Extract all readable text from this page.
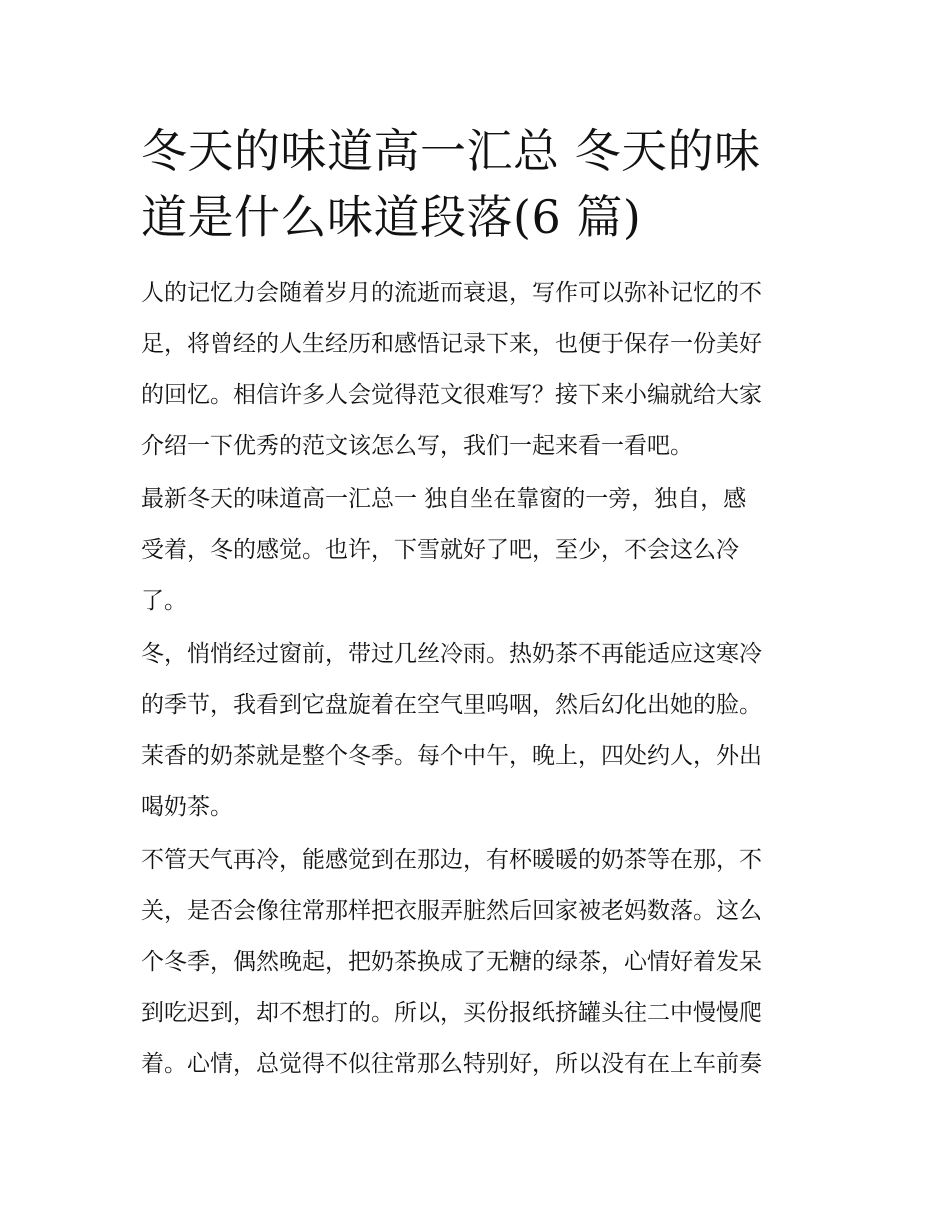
冬天的味道高一汇总 冬天的味
道是什么味道段落(6 篇)

人的记忆力会随着岁月的流逝而衰退，写作可以弥补记忆的不
足，将曾经的人生经历和感悟记录下来，也便于保存一份美好
的回忆。相信许多人会觉得范文很难写？接下来小编就给大家
介绍一下优秀的范文该怎么写，我们一起来看一看吧。

最新冬天的味道高一汇总一 独自坐在靠窗的一旁，独自，感
受着，冬的感觉。也许，下雪就好了吧，至少，不会这么冷
了。

冬，悄悄经过窗前，带过几丝冷雨。热奶茶不再能适应这寒冷
的季节，我看到它盘旋着在空气里呜咽，然后幻化出她的脸。
茉香的奶茶就是整个冬季。每个中午，晚上，四处约人，外出
喝奶茶。

不管天气再冷，能感觉到在那边，有杯暖暖的奶茶等在那，不
关，是否会像往常那样把衣服弄脏然后回家被老妈数落。这么
个冬季，偶然晚起，把奶茶换成了无糖的绿茶，心情好着发呆
到吃迟到，却不想打的。所以，买份报纸挤罐头往二中慢慢爬
着。心情，总觉得不似往常那么特别好，所以没有在上车前奏
